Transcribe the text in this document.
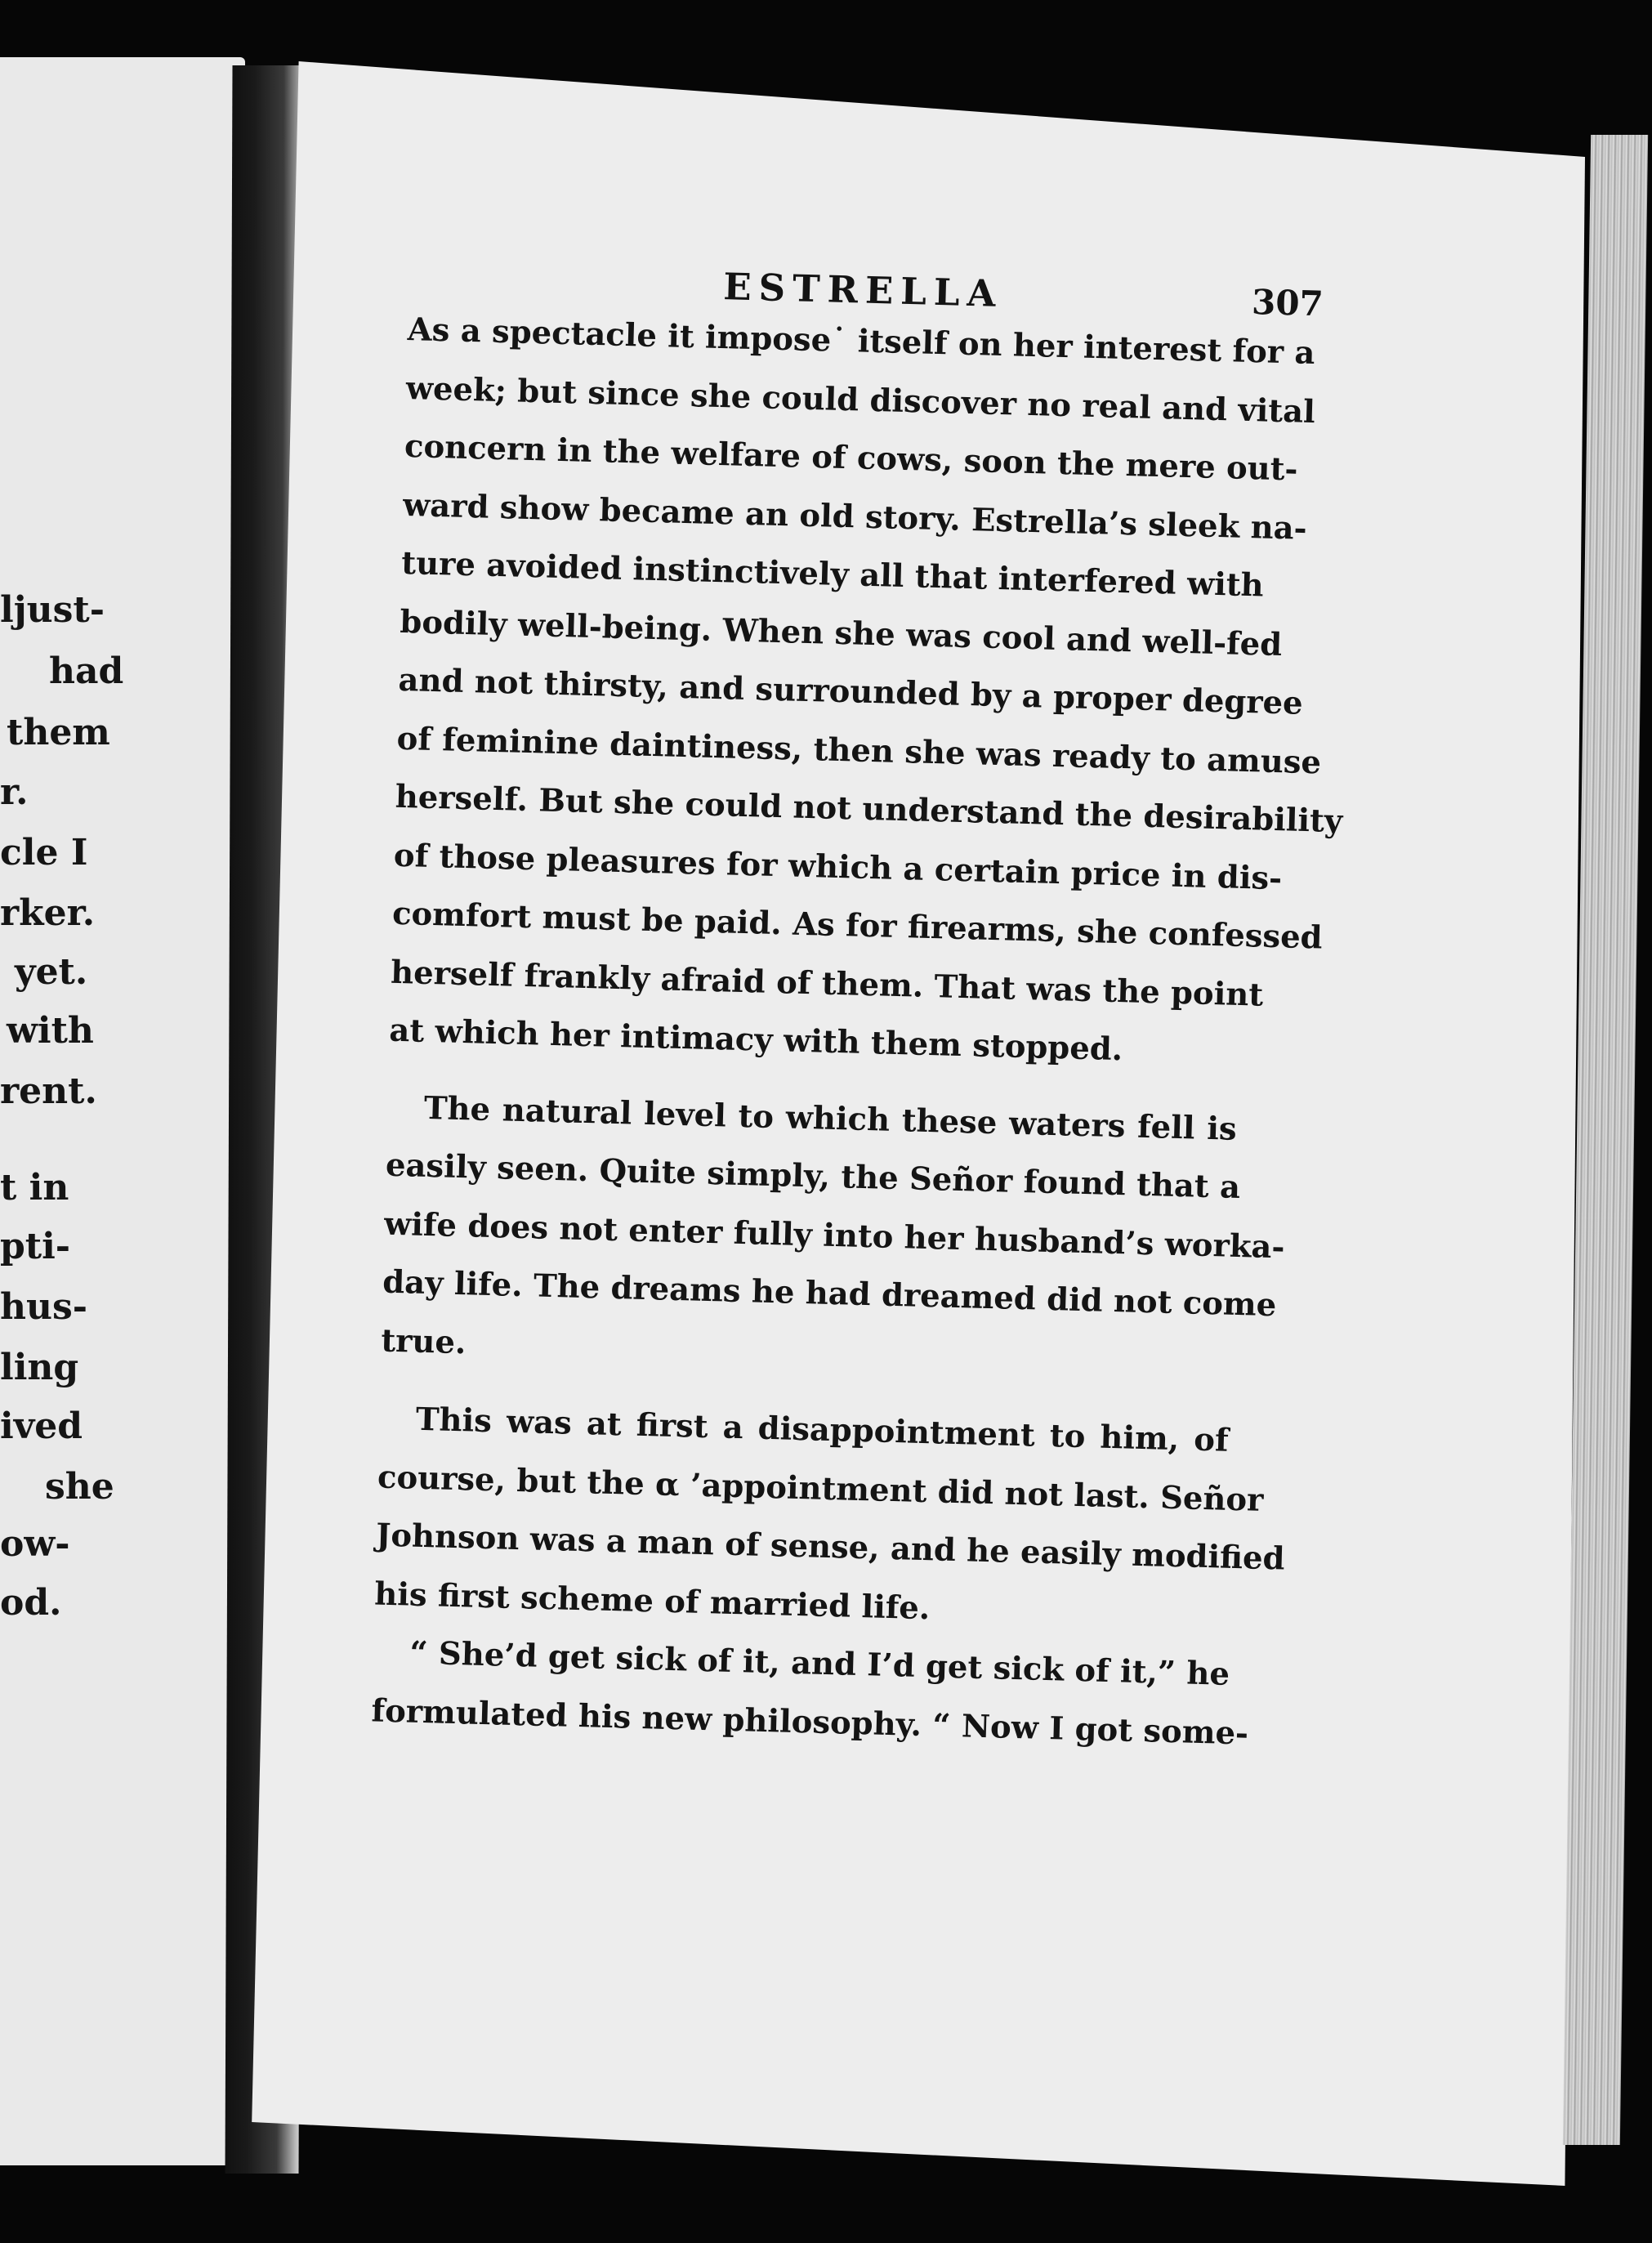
ljust-
had
them
r.
cle I
rker.
yet.
with
rent.
t in
pti-
hus-
ling
ived
she
ow-
od.
ESTRELLA	307
As a spectacle it impose˙ itself on her interest for a
week; but since she could discover no real and vital
concern in the welfare of cows, soon the mere out-
ward show became an old story. Estrella’s sleek na-
ture avoided instinctively all that interfered with
bodily well-being. When she was cool and well-fed
and not thirsty, and surrounded by a proper degree
of feminine daintiness, then she was ready to amuse
herself. But she could not understand the desirability
of those pleasures for which a certain price in dis-
comfort must be paid. As for firearms, she confessed
herself frankly afraid of them. That was the point
at which her intimacy with them stopped.
The natural level to which these waters fell is
easily seen. Quite simply, the Señor found that a
wife does not enter fully into her husband’s worka-
day life. The dreams he had dreamed did not come
true.
This was at first a disappointment to him, of
course, but the α ’appointment did not last. Señor
Johnson was a man of sense, and he easily modified
his first scheme of married life.
“ She’d get sick of it, and I’d get sick of it,” he
formulated his new philosophy. “ Now I got some-
